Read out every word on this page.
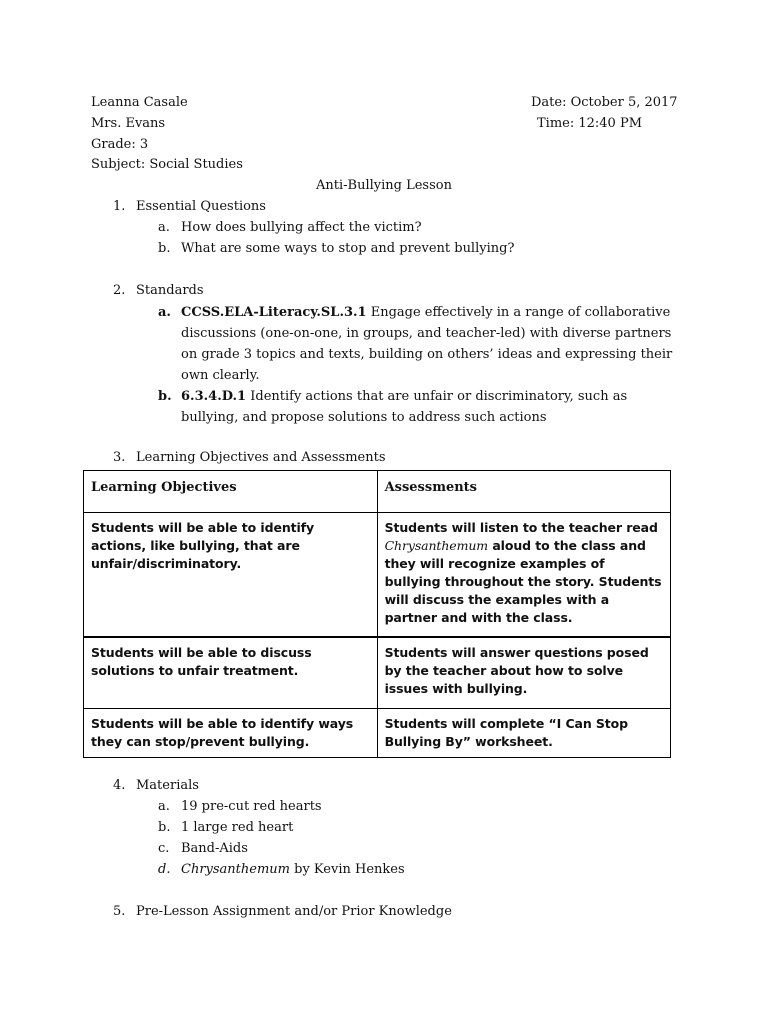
Leanna Casale	Date: October 5, 2017
Mrs. Evans	Time: 12:40 PM
Grade: 3
Subject: Social Studies
Anti-Bullying Lesson
1. Essential Questions
a. How does bullying affect the victim?
b. What are some ways to stop and prevent bullying?
2. Standards
a. CCSS.ELA-Literacy.SL.3.1 Engage effectively in a range of collaborative discussions (one-on-one, in groups, and teacher-led) with diverse partners on grade 3 topics and texts, building on others’ ideas and expressing their own clearly.
b. 6.3.4.D.1 Identify actions that are unfair or discriminatory, such as bullying, and propose solutions to address such actions
3. Learning Objectives and Assessments
Learning Objectives	Assessments
Students will be able to identify actions, like bullying, that are unfair/discriminatory.	Students will listen to the teacher read Chrysanthemum aloud to the class and they will recognize examples of bullying throughout the story. Students will discuss the examples with a partner and with the class.
Students will be able to discuss solutions to unfair treatment.	Students will answer questions posed by the teacher about how to solve issues with bullying.
Students will be able to identify ways they can stop/prevent bullying.	Students will complete “I Can Stop Bullying By” worksheet.
4. Materials
a. 19 pre-cut red hearts
b. 1 large red heart
c. Band-Aids
d. Chrysanthemum by Kevin Henkes
5. Pre-Lesson Assignment and/or Prior Knowledge
